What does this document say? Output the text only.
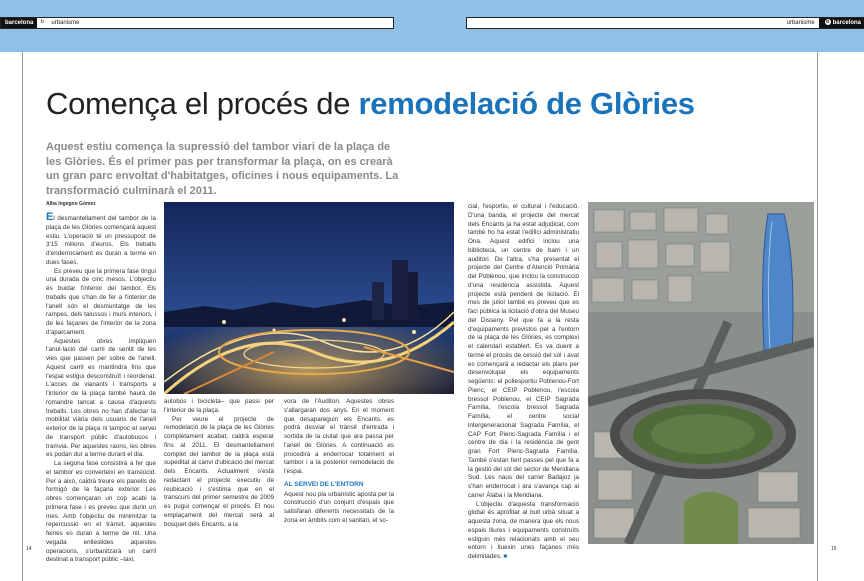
barcelona b urbanisme	urbanisme b barcelona
Comença el procés de remodelació de Glòries
Aquest estiu comença la supressió del tambor viari de la plaça de les Glòries. És el primer pas per transformar la plaça, on es crearà un gran parc envoltat d'habitatges, oficines i nous equipaments. La transformació culminarà el 2011.
Alba Ingegno Gómez

El desmantellament del tambor de la plaça de les Glòries començarà aquest estiu. L'operació té un pressupost de 3'15 milions d'euros. Els treballs d'enderrocament es duran a terme en dues fases.

Es preveu que la primera fase tingui una durada de cinc mesos. L'objectiu és buidar l'interior del tambor. Els treballs que s'han de fer a l'interior de l'anell són el desmuntatge de les rampes, dels talussos i murs interiors, i de les façanes de l'interior de la zona d'aparcament.

Aquestes obres impliquen l'anul·lació del carril de sentit de les vies que passen per sobre de l'anell. Aquest carril es mantindrà fins que l'espai estigui desconstruït i reordenat. L'accés de vianants i transports a l'interior de la plaça també haurà de romandre tancat a causa d'aquests treballs. Les obres no han d'afectar la mobilitat viària dels usuaris de l'anell exterior de la plaça ni tampoc el servei de transport públic d'autobusos i tramvia. Per aquestes raons, les obres es podan dur a terme durant el dia.

La segona fase consistirà a fer que el tambor es converteixi en translúcid. Per a això, caldrà treure els panells de formigó de la façana exterior. Les obres començaran un cop acabi la primera fase i es preveu que durin un mes. Amb l'objectiu de minimitzar la repercussió en el trànsit, aquestes feines es duran a terme de nit. Una vegada enllestides aquestes operacions, s'urbanitzarà un carril destinat a transport públic –taxi,

autobús i bicicleta– que passi per l'interior de la plaça.

Per veure el projecte de remodelació de la plaça de les Glòries completament acabat, caldrà esperar fins al 2011. El desmantellament complet del tambor de la plaça està supeditat al canvi d'ubicació del mercat dels Encants. Actualment s'està redactant el projecte executiu de reubicació i s'estima que en el transcurs del primer semestre de 2009 es pugui començar el procés. El nou emplaçament del mercat serà al bosquet dels Encants, a la

vora de l'Auditori. Aquestes obres s'allargaran dos anys. En el moment que desapareguin els Encants, es podrà desviar el trànsit d'entrada i sortida de la ciutat que ara passa per l'anell de Glòries. A continuació es procedirà a enderrocar totalment el tambor i a la posterior remodelació de l'espai.

AL SERVEI DE L'ENTORN

Aquest nou pla urbanístic aposta per la construcció d'un conjunt d'espais que satisfaran diferents necessitats de la zona en àmbits com el sanitari, el so-

cial, l'esportiu, el cultural i l'educació. D'una banda, el projecte del mercat dels Encants ja ha estat adjudicat, com també ho ha estat l'edifici administratiu Ona. Aquest edifici inclou una biblioteca, un centre de barri i un auditori. De l'altra, s'ha presentat el projecte del Centre d'Atenció Primària del Poblenou, que inclou la construcció d'una residència assistida. Aquest projecte està pendent de licitació. El mes de juliol també es preveu que es faci pública la licitació d'obra del Museu del Disseny. Pel que fa a la resta d'equipaments previstos per a l'entorn de la plaça de les Glòries, es complexi el calendari establert. Es va duent a terme el procés de cessió del sòl i avat es començarà a redactar els plans per desenvolupar els equipaments següents: el poliesportiu Poblenou-Fort Pienc, el CEIP Poblenou, l'escola bressol Poblenou, el CEIP Sagrada Família, l'escola bressol Sagrada Família, el centre social intergeneracional Sagrada Família, el CAP Fort Pienc-Sagrada Família i el centre de dia i la residència de gent gran Fort Pienc-Sagrada Família. També s'estan fent passes pel que fa a la gestió del sòl del sector de Meridiana Sud. Les naus del carrer Badajoz ja s'han enderrocat i ara s'avança cap al carrer Àlaba i la Meridiana.

L'objectiu d'aquesta transformació global és aprofitar al bull urbà situat a aquesta zona, de manera que els nous espais lliures i equipaments construïts estiguin més relacionats amb el seu entorn i lluexin unes façanes més delimitades. ■

14	15
